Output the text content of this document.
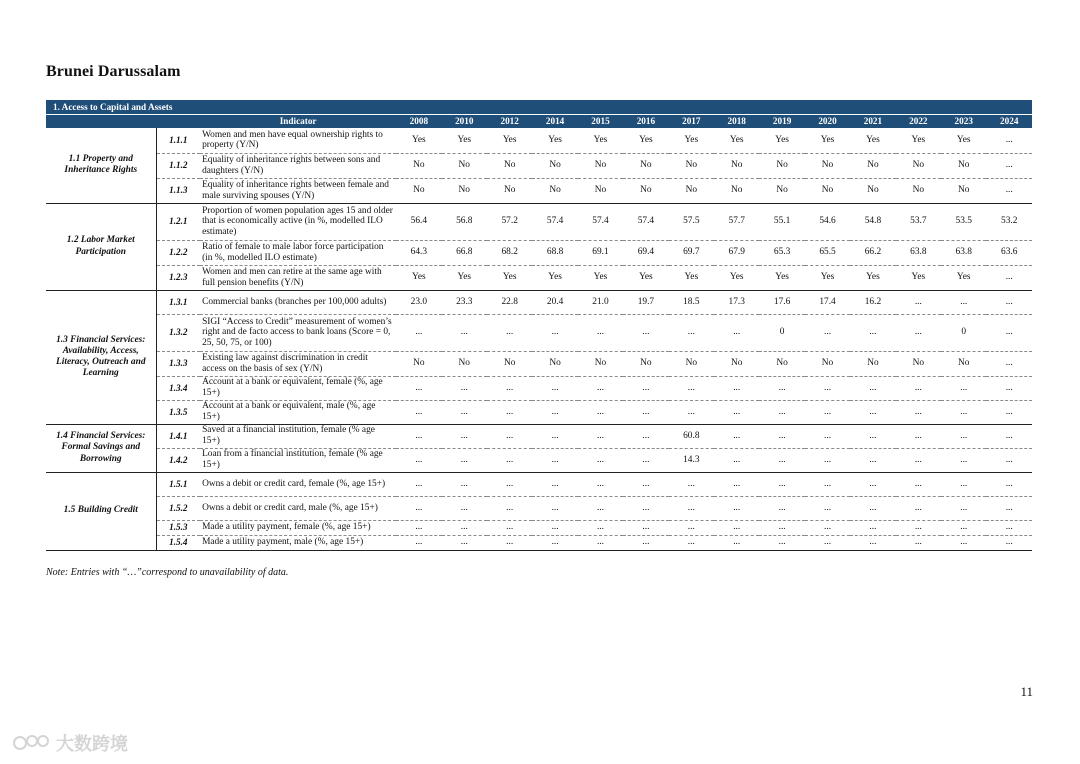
Brunei Darussalam
1. Access to Capital and Assets																
		Indicator	2008	2010	2012	2014	2015	2016	2017	2018	2019	2020	2021	2022	2023	2024
1.1 Property and Inheritance Rights	1.1.1	Women and men have equal ownership rights to property (Y/N)	Yes	Yes	Yes	Yes	Yes	Yes	Yes	Yes	Yes	Yes	Yes	Yes	Yes	...
	1.1.2	Equality of inheritance rights between sons and daughters (Y/N)	No	No	No	No	No	No	No	No	No	No	No	No	No	...
	1.1.3	Equality of inheritance rights between female and male surviving spouses (Y/N)	No	No	No	No	No	No	No	No	No	No	No	No	No	...
1.2 Labor Market Participation	1.2.1	Proportion of women population ages 15 and older that is economically active (in %, modelled ILO estimate)	56.4	56.8	57.2	57.4	57.4	57.4	57.5	57.7	55.1	54.6	54.8	53.7	53.5	53.2
	1.2.2	Ratio of female to male labor force participation (in %, modelled ILO estimate)	64.3	66.8	68.2	68.8	69.1	69.4	69.7	67.9	65.3	65.5	66.2	63.8	63.8	63.6
	1.2.3	Women and men can retire at the same age with full pension benefits (Y/N)	Yes	Yes	Yes	Yes	Yes	Yes	Yes	Yes	Yes	Yes	Yes	Yes	Yes	...
1.3 Financial Services: Availability, Access, Literacy, Outreach and Learning	1.3.1	Commercial banks (branches per 100,000 adults)	23.0	23.3	22.8	20.4	21.0	19.7	18.5	17.3	17.6	17.4	16.2	...	...	...
	1.3.2	SIGI “Access to Credit” measurement of women’s right and de facto access to bank loans (Score = 0, 25, 50, 75, or 100)	...	...	...	...	...	...	...	...	0	...	...	...	0	...
	1.3.3	Existing law against discrimination in credit access on the basis of sex (Y/N)	No	No	No	No	No	No	No	No	No	No	No	No	No	...
	1.3.4	Account at a bank or equivalent, female (%, age 15+)	...	...	...	...	...	...	...	...	...	...	...	...	...	...
	1.3.5	Account at a bank or equivalent, male (%, age 15+)	...	...	...	...	...	...	...	...	...	...	...	...	...	...
1.4 Financial Services: Formal Savings and Borrowing	1.4.1	Saved at a financial institution, female (% age 15+)	...	...	...	...	...	...	60.8	...	...	...	...	...	...	...
	1.4.2	Loan from a financial institution, female (% age 15+)	...	...	...	...	...	...	14.3	...	...	...	...	...	...	...
1.5 Building Credit	1.5.1	Owns a debit or credit card, female (%, age 15+)	...	...	...	...	...	...	...	...	...	...	...	...	...	...
	1.5.2	Owns a debit or credit card, male (%, age 15+)	...	...	...	...	...	...	...	...	...	...	...	...	...	...
	1.5.3	Made a utility payment, female (%, age 15+)	...	...	...	...	...	...	...	...	...	...	...	...	...	...
	1.5.4	Made a utility payment, male (%, age 15+)	...	...	...	...	...	...	...	...	...	...	...	...	...	...
Note: Entries with “…”correspond to unavailability of data.
11
大数跨境
